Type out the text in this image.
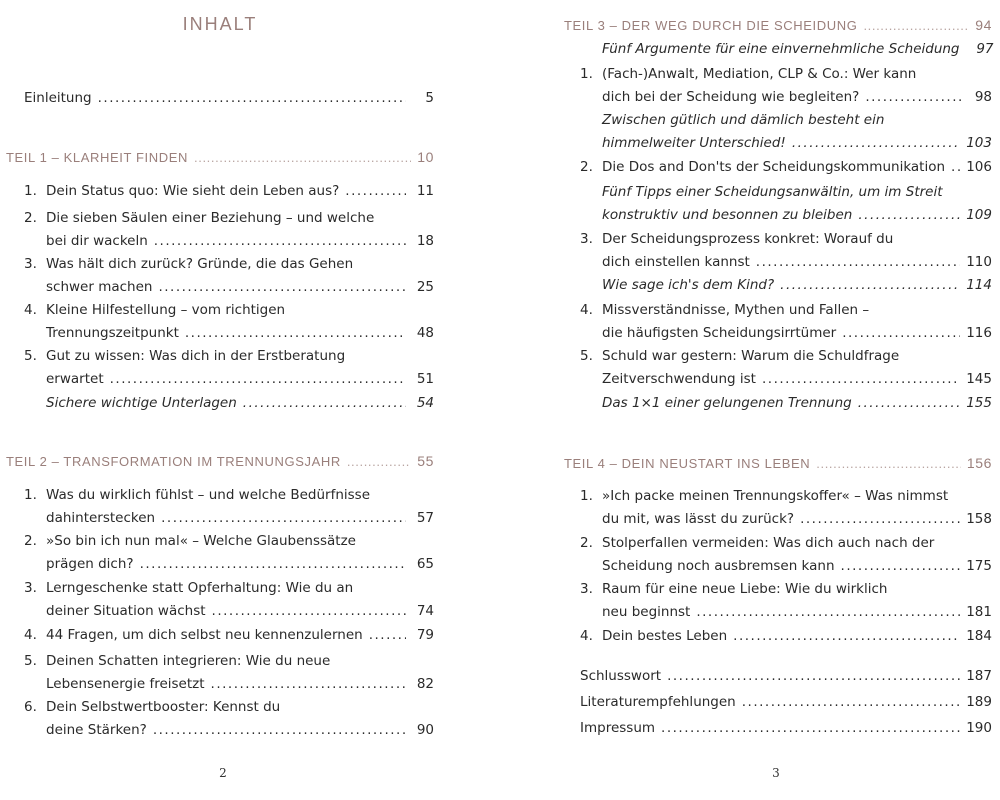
INHALT
Einleitung .....	5
TEIL 1 – KLARHEIT FINDEN .....	10
1. Dein Status quo: Wie sieht dein Leben aus? .....	11
2. Die sieben Säulen einer Beziehung – und welche
bei dir wackeln .....	18
3. Was hält dich zurück? Gründe, die das Gehen
schwer machen .....	25
4. Kleine Hilfestellung – vom richtigen
Trennungszeitpunkt .....	48
5. Gut zu wissen: Was dich in der Erstberatung
erwartet .....	51
Sichere wichtige Unterlagen .....	54
TEIL 2 – TRANSFORMATION IM TRENNUNGSJAHR .....	55
1. Was du wirklich fühlst – und welche Bedürfnisse
dahinterstecken .....	57
2. »So bin ich nun mal« – Welche Glaubenssätze
prägen dich? .....	65
3. Lerngeschenke statt Opferhaltung: Wie du an
deiner Situation wächst .....	74
4. 44 Fragen, um dich selbst neu kennenzulernen .....	79
5. Deinen Schatten integrieren: Wie du neue
Lebensenergie freisetzt .....	82
6. Dein Selbstwertbooster: Kennst du
deine Stärken? .....	90
2
TEIL 3 – DER WEG DURCH DIE SCHEIDUNG .....	94
Fünf Argumente für eine einvernehmliche Scheidung	97
1. (Fach-)Anwalt, Mediation, CLP & Co.: Wer kann
dich bei der Scheidung wie begleiten? .....	98
Zwischen gütlich und dämlich besteht ein
himmelweiter Unterschied! .....	103
2. Die Dos and Don'ts der Scheidungskommunikation ..... 106
Fünf Tipps einer Scheidungsanwältin, um im Streit
konstruktiv und besonnen zu bleiben .....	109
3. Der Scheidungsprozess konkret: Worauf du
dich einstellen kannst .....	110
Wie sage ich's dem Kind? .....	114
4. Missverständnisse, Mythen und Fallen –
die häufigsten Scheidungsirrtümer .....	116
5. Schuld war gestern: Warum die Schuldfrage
Zeitverschwendung ist .....	145
Das 1×1 einer gelungenen Trennung .....	155
TEIL 4 – DEIN NEUSTART INS LEBEN .....	156
1. »Ich packe meinen Trennungskoffer« – Was nimmst
du mit, was lässt du zurück? .....	158
2. Stolperfallen vermeiden: Was dich auch nach der
Scheidung noch ausbremsen kann .....	175
3. Raum für eine neue Liebe: Wie du wirklich
neu beginnst .....	181
4. Dein bestes Leben .....	184
Schlusswort .....	187
Literaturempfehlungen .....	189
Impressum .....	190
3
